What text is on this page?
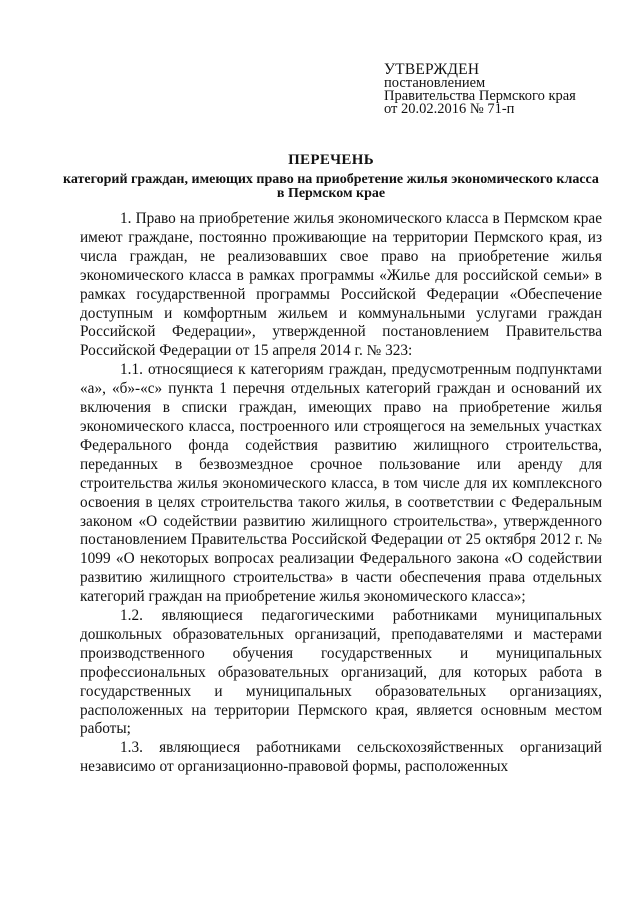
УТВЕРЖДЕН
постановлением
Правительства Пермского края
от 20.02.2016 № 71-п
ПЕРЕЧЕНЬ
категорий граждан, имеющих право на приобретение жилья экономического класса в Пермском крае

1. Право на приобретение жилья экономического класса в Пермском крае имеют граждане, постоянно проживающие на территории Пермского края, из числа граждан, не реализовавших свое право на приобретение жилья экономического класса в рамках программы «Жилье для российской семьи» в рамках государственной программы Российской Федерации «Обеспечение доступным и комфортным жильем и коммунальными услугами граждан Российской Федерации», утвержденной постановлением Правительства Российской Федерации от 15 апреля 2014 г. № 323:

1.1. относящиеся к категориям граждан, предусмотренным подпунктами «а», «б»-«с» пункта 1 перечня отдельных категорий граждан и оснований их включения в списки граждан, имеющих право на приобретение жилья экономического класса, построенного или строящегося на земельных участках Федерального фонда содействия развитию жилищного строительства, переданных в безвозмездное срочное пользование или аренду для строительства жилья экономического класса, в том числе для их комплексного освоения в целях строительства такого жилья, в соответствии с Федеральным законом «О содействии развитию жилищного строительства», утвержденного постановлением Правительства Российской Федерации от 25 октября 2012 г. № 1099 «О некоторых вопросах реализации Федерального закона «О содействии развитию жилищного строительства» в части обеспечения права отдельных категорий граждан на приобретение жилья экономического класса»;

1.2. являющиеся педагогическими работниками муниципальных дошкольных образовательных организаций, преподавателями и мастерами производственного обучения государственных и муниципальных профессиональных образовательных организаций, для которых работа в государственных и муниципальных образовательных организациях, расположенных на территории Пермского края, является основным местом работы;

1.3. являющиеся работниками сельскохозяйственных организаций независимо от организационно-правовой формы, расположенных
